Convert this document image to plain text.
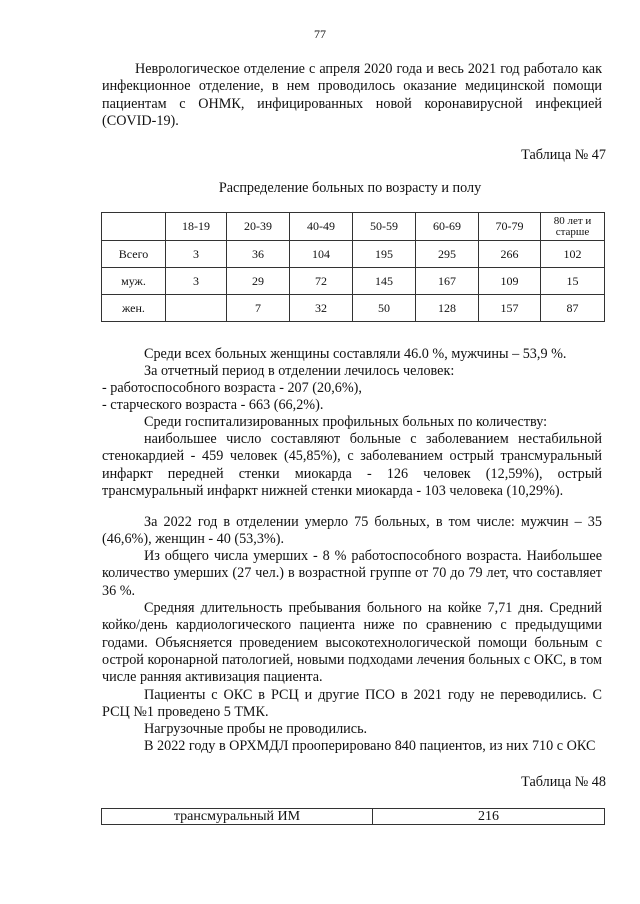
77
Неврологическое отделение с апреля 2020 года и весь 2021 год работало как инфекционное отделение, в нем проводилось оказание медицинской помощи пациентам с ОНМК, инфицированных новой коронавирусной инфекцией (COVID-19).
Таблица № 47
Распределение больных по возрасту и полу
	18-19	20-39	40-49	50-59	60-69	70-79	80 лет и старше
Всего	3	36	104	195	295	266	102
муж.	3	29	72	145	167	109	15
жен.		7	32	50	128	157	87
Среди всех больных женщины составляли 46.0 %, мужчины – 53,9 %.
За отчетный период в отделении лечилось человек:
- работоспособного возраста - 207 (20,6%),
- старческого возраста - 663 (66,2%).
Среди госпитализированных профильных больных по количеству:
наибольшее число составляют больные с заболеванием нестабильной стенокардией - 459 человек (45,85%), с заболеванием острый трансмуральный инфаркт передней стенки миокарда - 126 человек (12,59%), острый трансмуральный инфаркт нижней стенки миокарда - 103 человека (10,29%).
За 2022 год в отделении умерло 75 больных, в том числе: мужчин – 35 (46,6%), женщин - 40 (53,3%).
Из общего числа умерших - 8 % работоспособного возраста. Наибольшее количество умерших (27 чел.) в возрастной группе от 70 до 79 лет, что составляет 36 %.
Средняя длительность пребывания больного на койке 7,71 дня. Средний койко/день кардиологического пациента ниже по сравнению с предыдущими годами. Объясняется проведением высокотехнологической помощи больным с острой коронарной патологией, новыми подходами лечения больных с ОКС, в том числе ранняя активизация пациента.
Пациенты с ОКС в РСЦ и другие ПСО в 2021 году не переводились. С РСЦ №1 проведено 5 ТМК.
Нагрузочные пробы не проводились.
В 2022 году в ОРХМДЛ прооперировано 840 пациентов, из них 710 с ОКС
Таблица № 48
трансмуральный ИМ	216
